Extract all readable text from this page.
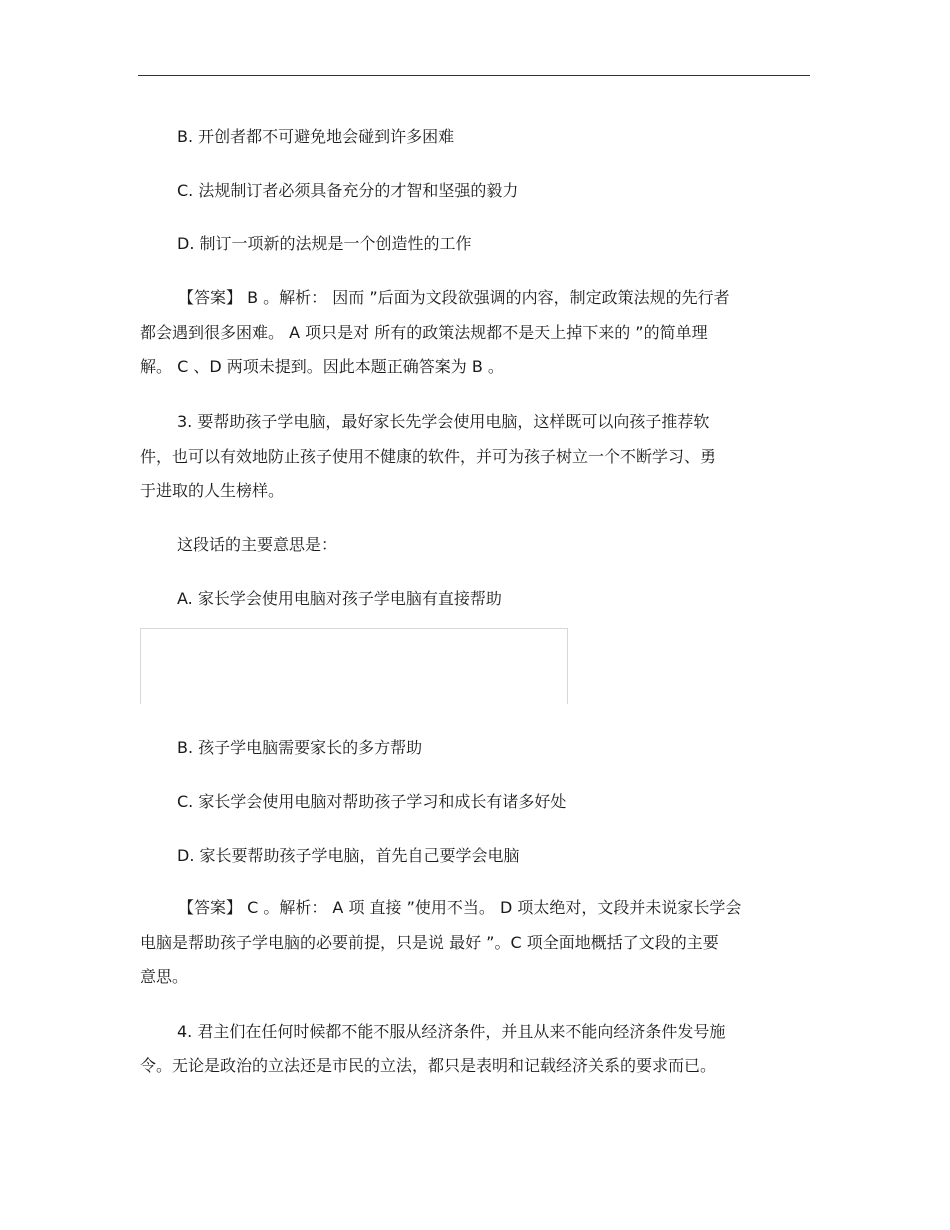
B. 开创者都不可避免地会碰到许多困难
C. 法规制订者必须具备充分的才智和坚强的毅力
D. 制订一项新的法规是一个创造性的工作
【答案】 B 。解析： 因而 ”后面为文段欲强调的内容，制定政策法规的先行者
都会遇到很多困难。 A 项只是对 所有的政策法规都不是天上掉下来的 ”的简单理
解。 C 、D 两项未提到。因此本题正确答案为 B 。
3. 要帮助孩子学电脑，最好家长先学会使用电脑，这样既可以向孩子推荐软
件，也可以有效地防止孩子使用不健康的软件，并可为孩子树立一个不断学习、勇
于进取的人生榜样。
这段话的主要意思是：
A. 家长学会使用电脑对孩子学电脑有直接帮助
B. 孩子学电脑需要家长的多方帮助
C. 家长学会使用电脑对帮助孩子学习和成长有诸多好处
D. 家长要帮助孩子学电脑，首先自己要学会电脑
【答案】 C 。解析： A 项 直接 ”使用不当。 D 项太绝对，文段并未说家长学会
电脑是帮助孩子学电脑的必要前提，只是说 最好 ”。C 项全面地概括了文段的主要
意思。
4. 君主们在任何时候都不能不服从经济条件，并且从来不能向经济条件发号施
令。无论是政治的立法还是市民的立法，都只是表明和记载经济关系的要求而已。
